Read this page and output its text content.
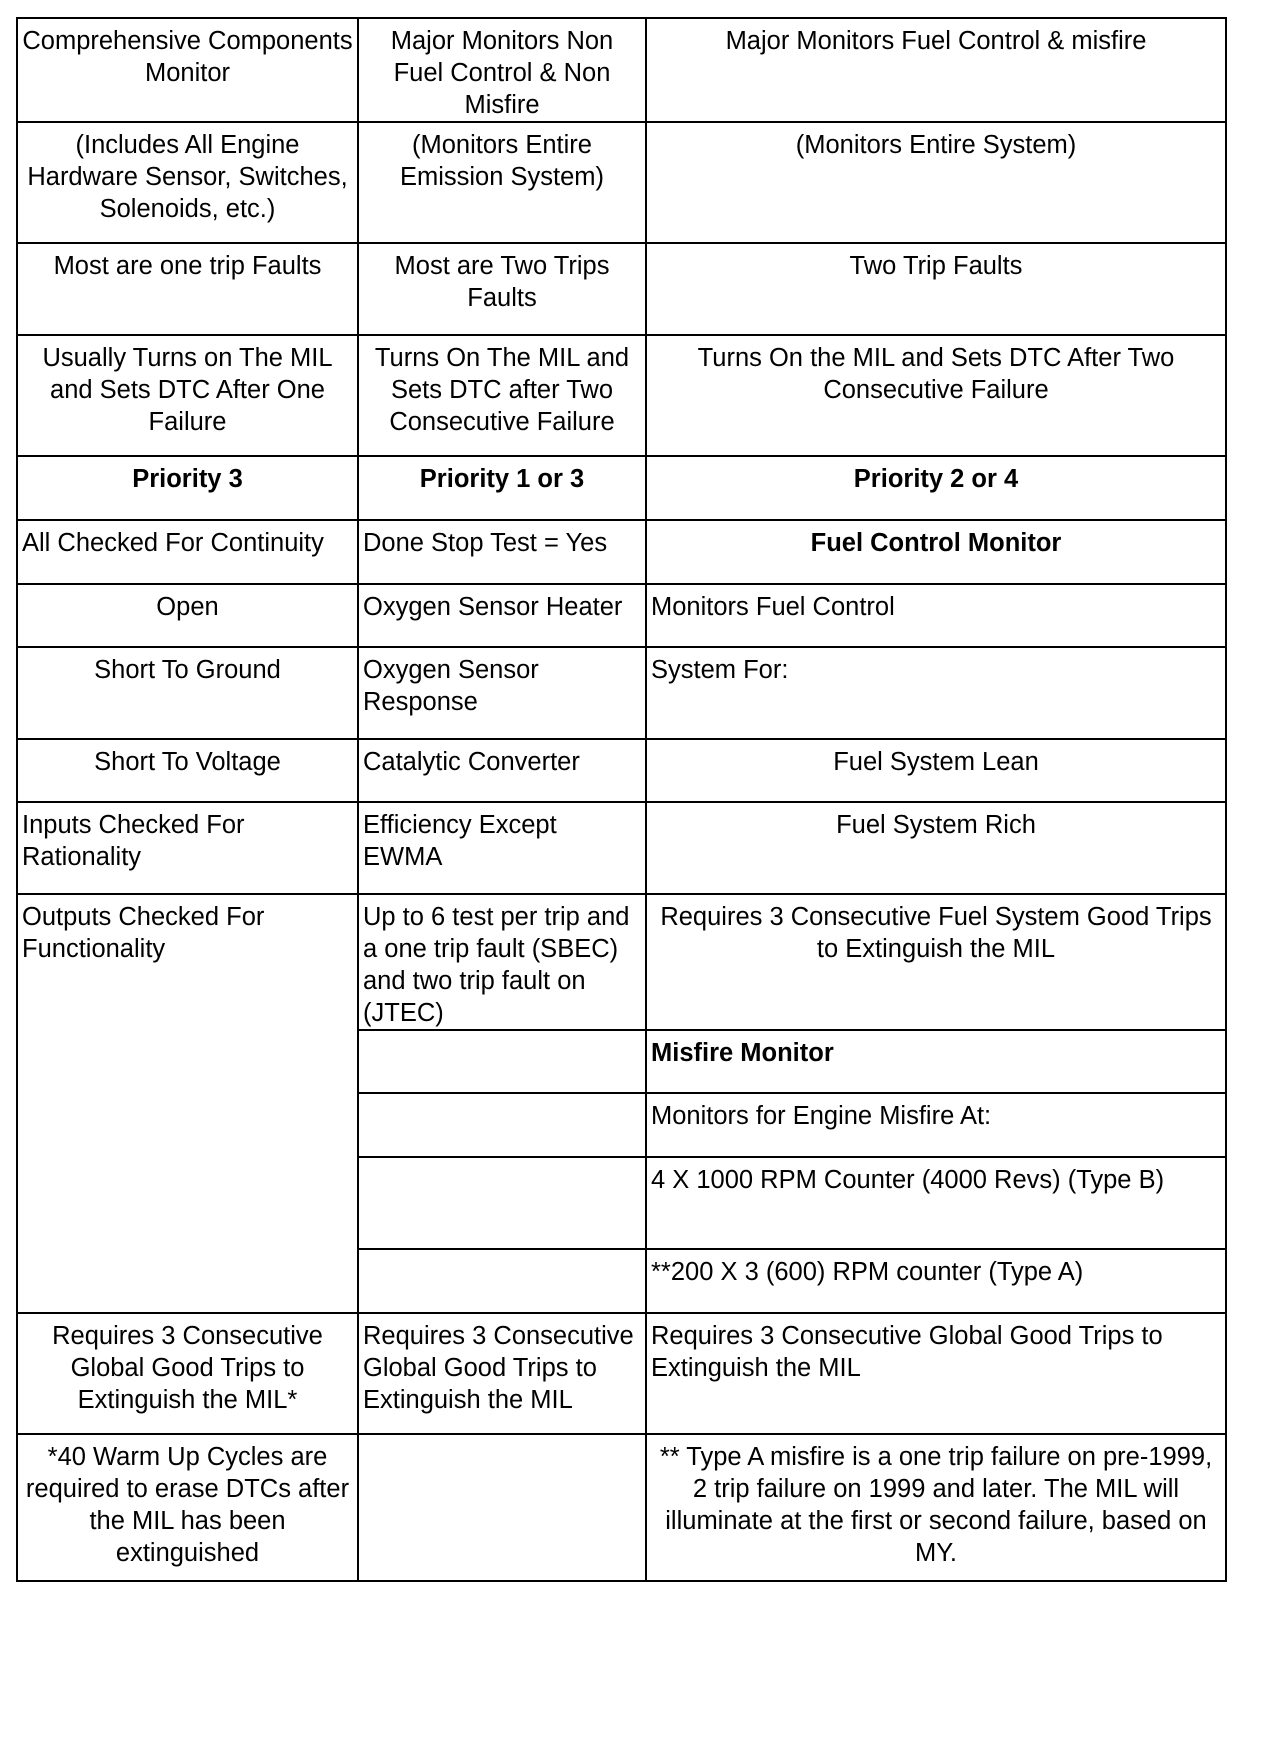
Comprehensive Components Monitor	Major Monitors Non Fuel Control & Non Misfire	Major Monitors Fuel Control & misfire
(Includes All Engine Hardware Sensor, Switches, Solenoids, etc.)	(Monitors Entire Emission System)	(Monitors Entire System)
Most are one trip Faults	Most are Two Trips Faults	Two Trip Faults
Usually Turns on The MIL and Sets DTC After One Failure	Turns On The MIL and Sets DTC after Two Consecutive Failure	Turns On the MIL and Sets DTC After Two Consecutive Failure
Priority 3	Priority 1 or 3	Priority 2 or 4
All Checked For Continuity	Done Stop Test = Yes	Fuel Control Monitor
Open	Oxygen Sensor Heater	Monitors Fuel Control
Short To Ground	Oxygen Sensor Response	System For:
Short To Voltage	Catalytic Converter	Fuel System Lean
Inputs Checked For Rationality	Efficiency Except EWMA	Fuel System Rich
Outputs Checked For Functionality	Up to 6 test per trip and a one trip fault (SBEC) and two trip fault on (JTEC)	Requires 3 Consecutive Fuel System Good Trips to Extinguish the MIL
		Misfire Monitor
		Monitors for Engine Misfire At:
		4 X 1000 RPM Counter (4000 Revs) (Type B)
		**200 X 3 (600) RPM counter (Type A)
Requires 3 Consecutive Global Good Trips to Extinguish the MIL*	Requires 3 Consecutive Global Good Trips to Extinguish the MIL	Requires 3 Consecutive Global Good Trips to Extinguish the MIL
*40 Warm Up Cycles are required to erase DTCs after the MIL has been extinguished		** Type A misfire is a one trip failure on pre-1999, 2 trip failure on 1999 and later. The MIL will illuminate at the first or second failure, based on MY.
